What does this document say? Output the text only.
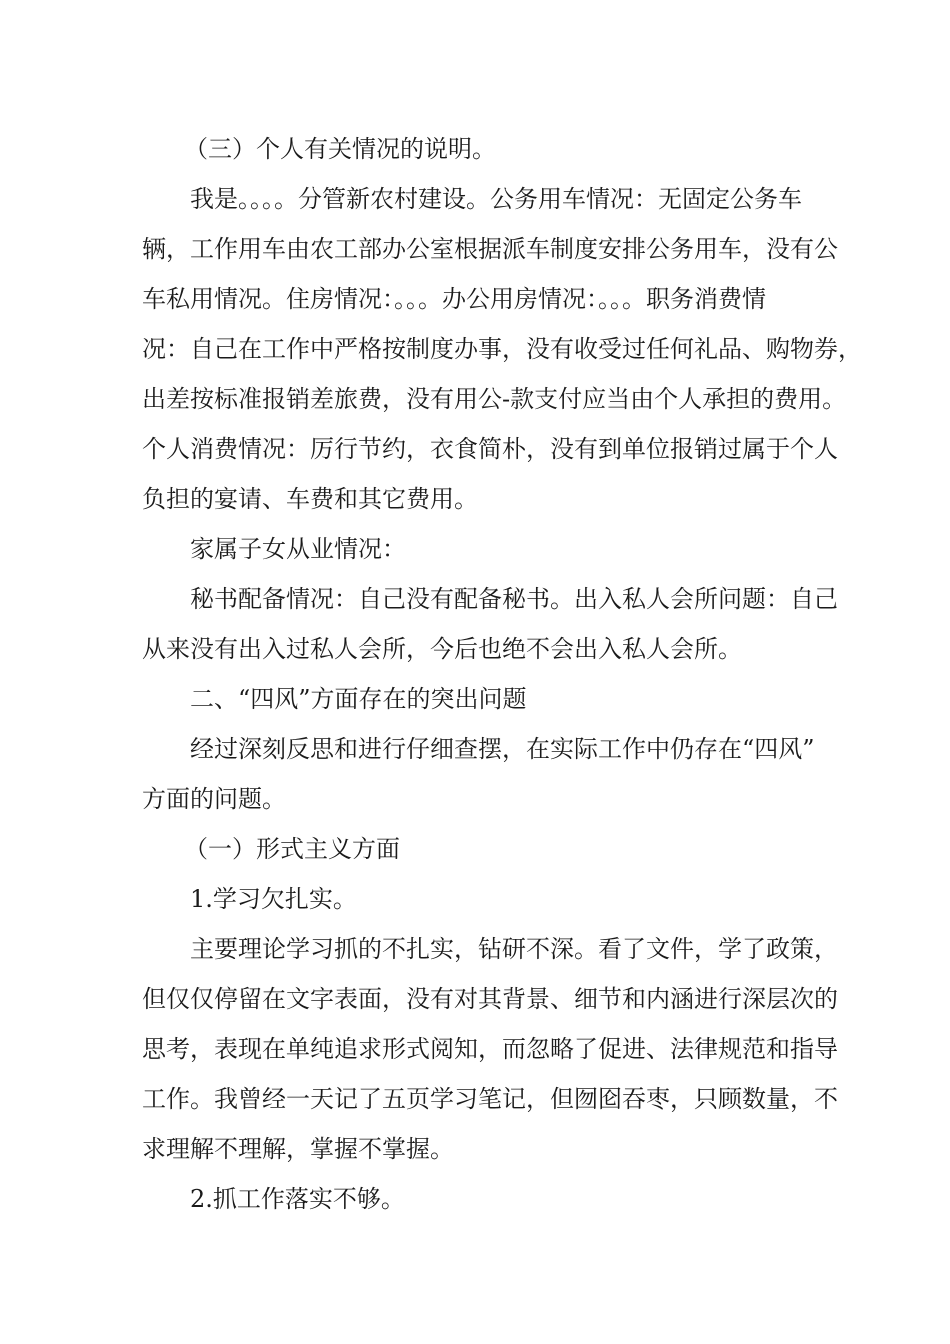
（三）个人有关情况的说明。

我是。。。。分管新农村建设。公务用车情况：无固定公务车

辆，工作用车由农工部办公室根据派车制度安排公务用车，没有公

车私用情况。住房情况：。。。办公用房情况：。。。职务消费情

况：自己在工作中严格按制度办事，没有收受过任何礼品、购物券，

出差按标准报销差旅费，没有用公-款支付应当由个人承担的费用。

个人消费情况：厉行节约，衣食简朴，没有到单位报销过属于个人

负担的宴请、车费和其它费用。

家属子女从业情况：

秘书配备情况：自己没有配备秘书。出入私人会所问题：自己

从来没有出入过私人会所，今后也绝不会出入私人会所。

二、“四风”方面存在的突出问题

经过深刻反思和进行仔细查摆，在实际工作中仍存在“四风”

方面的问题。

（一）形式主义方面

1.学习欠扎实。

主要理论学习抓的不扎实，钻研不深。看了文件，学了政策，

但仅仅停留在文字表面，没有对其背景、细节和内涵进行深层次的

思考，表现在单纯追求形式阅知，而忽略了促进、法律规范和指导

工作。我曾经一天记了五页学习笔记，但囫囵吞枣，只顾数量，不

求理解不理解，掌握不掌握。

2.抓工作落实不够。
